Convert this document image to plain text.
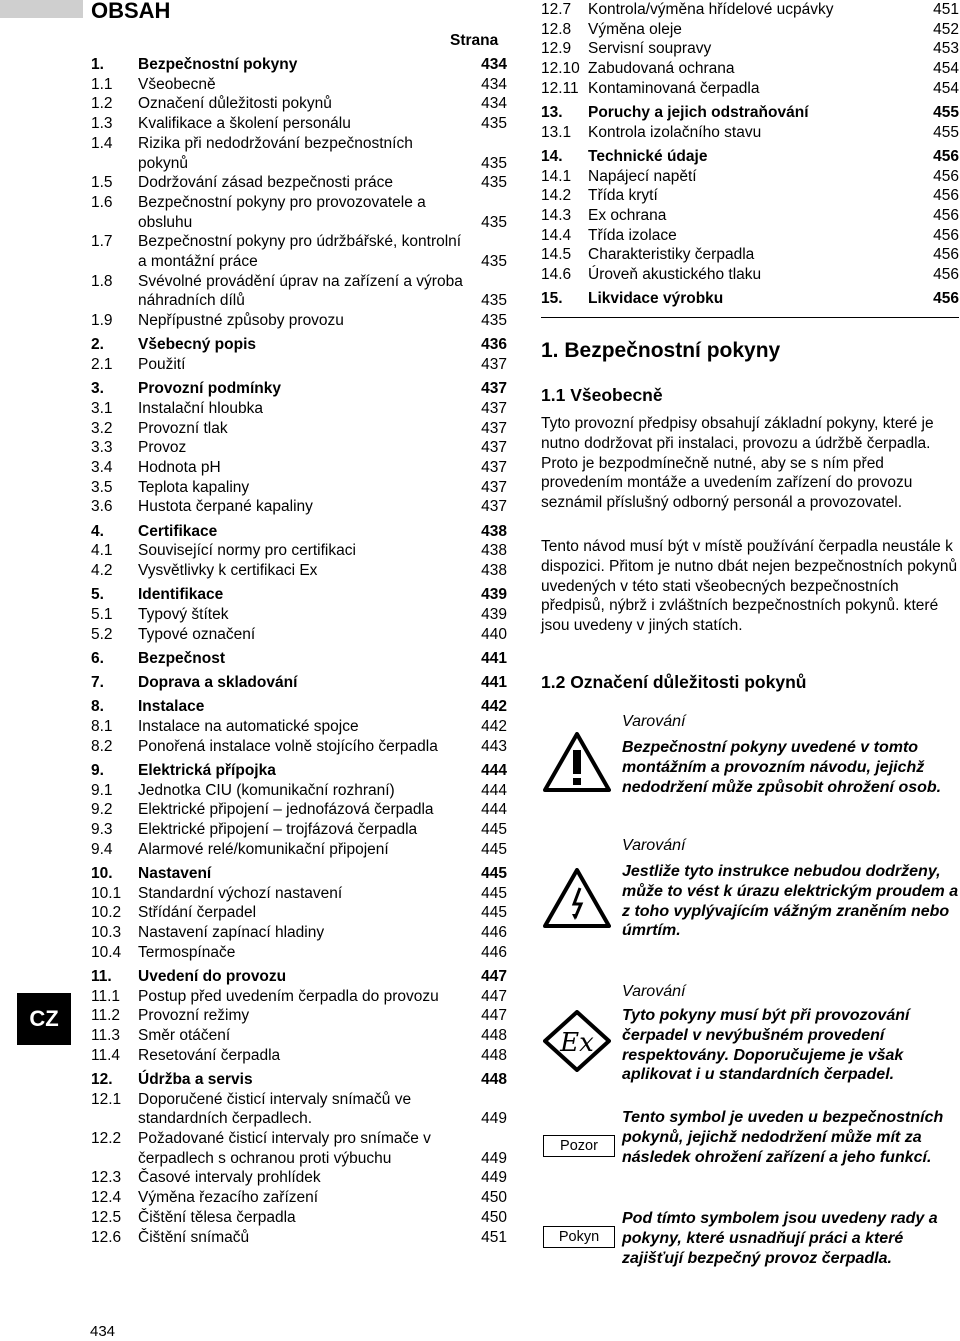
OBSAH
Strana
1.	Bezpečnostní pokyny	434
1.1	Všeobecně	434
1.2	Označení důležitosti pokynů	434
1.3	Kvalifikace a školení personálu	435
1.4	Rizika při nedodržování bezpečnostních pokynů	435
1.5	Dodržování zásad bezpečnosti práce	435
1.6	Bezpečnostní pokyny pro provozovatele a obsluhu	435
1.7	Bezpečnostní pokyny pro údržbářské, kontrolní a montážní práce	435
1.8	Svévolné provádění úprav na zařízení a výroba náhradních dílů	435
1.9	Nepřípustné způsoby provozu	435
2.	Všebecný popis	436
2.1	Použití	437
3.	Provozní podmínky	437
3.1	Instalační hloubka	437
3.2	Provozní tlak	437
3.3	Provoz	437
3.4	Hodnota pH	437
3.5	Teplota kapaliny	437
3.6	Hustota čerpané kapaliny	437
4.	Certifikace	438
4.1	Související normy pro certifikaci	438
4.2	Vysvětlivky k certifikaci Ex	438
5.	Identifikace	439
5.1	Typový štítek	439
5.2	Typové označení	440
6.	Bezpečnost	441
7.	Doprava a skladování	441
8.	Instalace	442
8.1	Instalace na automatické spojce	442
8.2	Ponořená instalace volně stojícího čerpadla	443
9.	Elektrická přípojka	444
9.1	Jednotka CIU (komunikační rozhraní)	444
9.2	Elektrické připojení – jednofázová čerpadla	444
9.3	Elektrické připojení – trojfázová čerpadla	445
9.4	Alarmové relé/komunikační připojení	445
10.	Nastavení	445
10.1	Standardní výchozí nastavení	445
10.2	Střídání čerpadel	445
10.3	Nastavení zapínací hladiny	446
10.4	Termospínače	446
11.	Uvedení do provozu	447
11.1	Postup před uvedením čerpadla do provozu	447
11.2	Provozní režimy	447
11.3	Směr otáčení	448
11.4	Resetování čerpadla	448
12.	Údržba a servis	448
12.1	Doporučené čisticí intervaly snímačů ve standardních čerpadlech.	449
12.2	Požadované čisticí intervaly pro snímače v čerpadlech s ochranou proti výbuchu	449
12.3	Časové intervaly prohlídek	449
12.4	Výměna řezacího zařízení	450
12.5	Čištění tělesa čerpadla	450
12.6	Čištění snímačů	451
12.7	Kontrola/výměna hřídelové ucpávky	451
12.8	Výměna oleje	452
12.9	Servisní soupravy	453
12.10 Zabudovaná ochrana	454
12.11 Kontaminovaná čerpadla	454
13.	Poruchy a jejich odstraňování	455
13.1	Kontrola izolačního stavu	455
14.	Technické údaje	456
14.1	Napájecí napětí	456
14.2	Třída krytí	456
14.3	Ex ochrana	456
14.4	Třída izolace	456
14.5	Charakteristiky čerpadla	456
14.6	Úroveň akustického tlaku	456
15.	Likvidace výrobku	456
1. Bezpečnostní pokyny
1.1 Všeobecně

Tyto provozní předpisy obsahují základní pokyny, které je nutno dodržovat při instalaci, provozu a údržbě čerpadla. Proto je bezpodmínečně nutné, aby se s ním před provedením montáže a uvedením zařízení do provozu seznámil příslušný odborný personál a provozovatel.

Tento návod musí být v místě používání čerpadla neustále k dispozici. Přitom je nutno dbát nejen bezpečnostních pokynů uvedených v této stati všeobecných bezpečnostních předpisů, nýbrž i zvláštních bezpečnostních pokynů. které jsou uvedeny v jiných statích.

1.2 Označení důležitosti pokynů
Varování
Bezpečnostní pokyny uvedené v tomto montážním a provozním návodu, jejichž nedodržení může způsobit ohrožení osob.
Varování
Jestliže tyto instrukce nebudou dodrženy, může to vést k úrazu elektrickým proudem a z toho vyplývajícím vážným zraněním nebo úmrtím.
Ex
Varování
Tyto pokyny musí být při provozování čerpadel v nevýbušném provedení respektovány. Doporučujeme je však aplikovat i u standardních čerpadel.
Pozor
Tento symbol je uveden u bezpečnostních pokynů, jejichž nedodržení může mít za následek ohrožení zařízení a jeho funkcí.
Pokyn
Pod tímto symbolem jsou uvedeny rady a pokyny, které usnadňují práci a které zajišťují bezpečný provoz čerpadla.
CZ
434
